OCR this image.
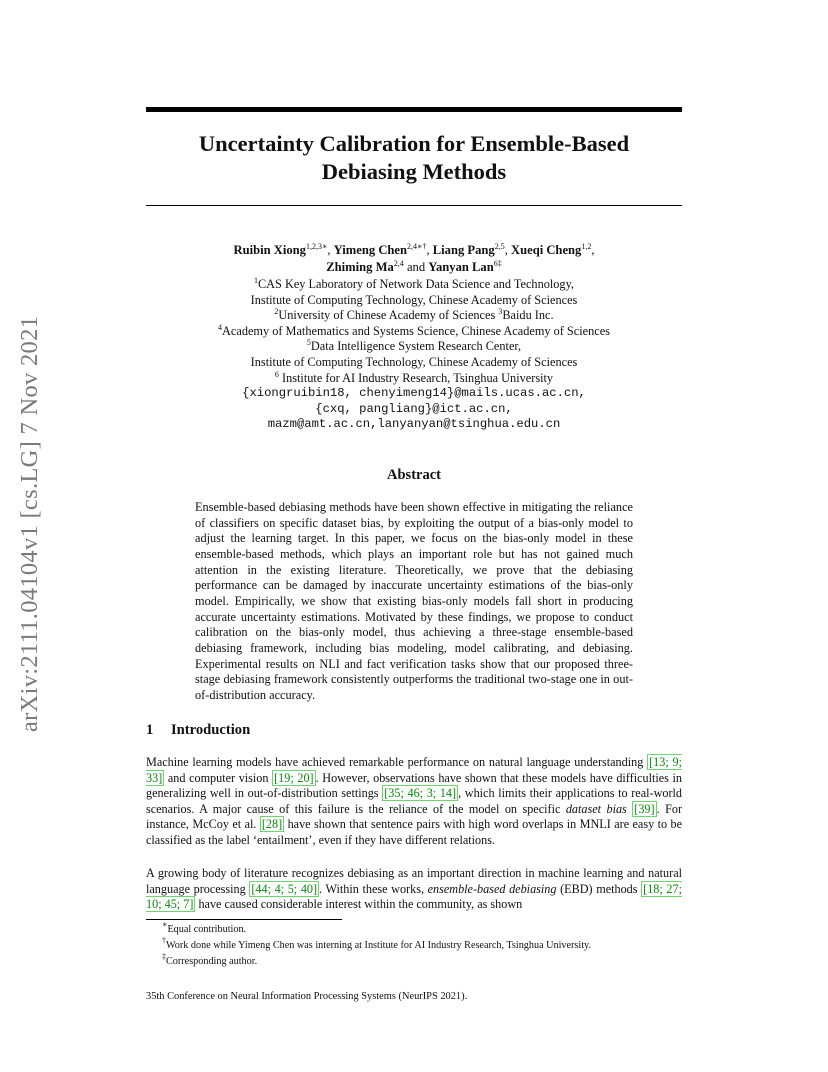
arXiv:2111.04104v1 [cs.LG] 7 Nov 2021
Uncertainty Calibration for Ensemble-Based
Debiasing Methods
Ruibin Xiong$^{1,2,3∗}$, Yimeng Chen$^{2,4∗\dagger}$, Liang Pang$^{2,5}$, Xueqi Cheng$^{1,2}$,
Zhiming Ma$^{2,4}$ and Yanyan Lan$^{6\ddagger}$
$^1$CAS Key Laboratory of Network Data Science and Technology,
Institute of Computing Technology, Chinese Academy of Sciences
$^2$University of Chinese Academy of Sciences $^3$Baidu Inc.
$^4$Academy of Mathematics and Systems Science, Chinese Academy of Sciences
$^5$Data Intelligence System Research Center,
Institute of Computing Technology, Chinese Academy of Sciences
$^6$ Institute for AI Industry Research, Tsinghua University
{xiongruibin18, chenyimeng14}@mails.ucas.ac.cn,
{cxq, pangliang}@ict.ac.cn,
mazm@amt.ac.cn,lanyanyan@tsinghua.edu.cn
Abstract
Ensemble-based debiasing methods have been shown effective in mitigating the reliance of classifiers on specific dataset bias, by exploiting the output of a bias-only model to adjust the learning target. In this paper, we focus on the bias-only model in these ensemble-based methods, which plays an important role but has not gained much attention in the existing literature. Theoretically, we prove that the debiasing performance can be damaged by inaccurate uncertainty estimations of the bias-only model. Empirically, we show that existing bias-only models fall short in producing accurate uncertainty estimations. Motivated by these findings, we propose to conduct calibration on the bias-only model, thus achieving a three-stage ensemble-based debiasing framework, including bias modeling, model calibrating, and debiasing. Experimental results on NLI and fact verification tasks show that our proposed three-stage debiasing framework consistently outperforms the traditional two-stage one in out-of-distribution accuracy.
1 Introduction
Machine learning models have achieved remarkable performance on natural language understanding [13; 9; 33] and computer vision [19; 20] . However, observations have shown that these models have difficulties in generalizing well in out-of-distribution settings [35; 46; 3; 14] , which limits their applications to real-world scenarios. A major cause of this failure is the reliance of the model on specific dataset bias [39] . For instance, McCoy et al. [28] have shown that sentence pairs with high word overlaps in MNLI are easy to be classified as the label ‘entailment’, even if they have different relations.
A growing body of literature recognizes debiasing as an important direction in machine learning and natural language processing [44; 4; 5; 40] . Within these works, ensemble-based debiasing (EBD) methods [18; 27; 10; 45; 7] have caused considerable interest within the community, as shown
∗Equal contribution.
†Work done while Yimeng Chen was interning at Institute for AI Industry Research, Tsinghua University.
‡Corresponding author.
35th Conference on Neural Information Processing Systems (NeurIPS 2021).
